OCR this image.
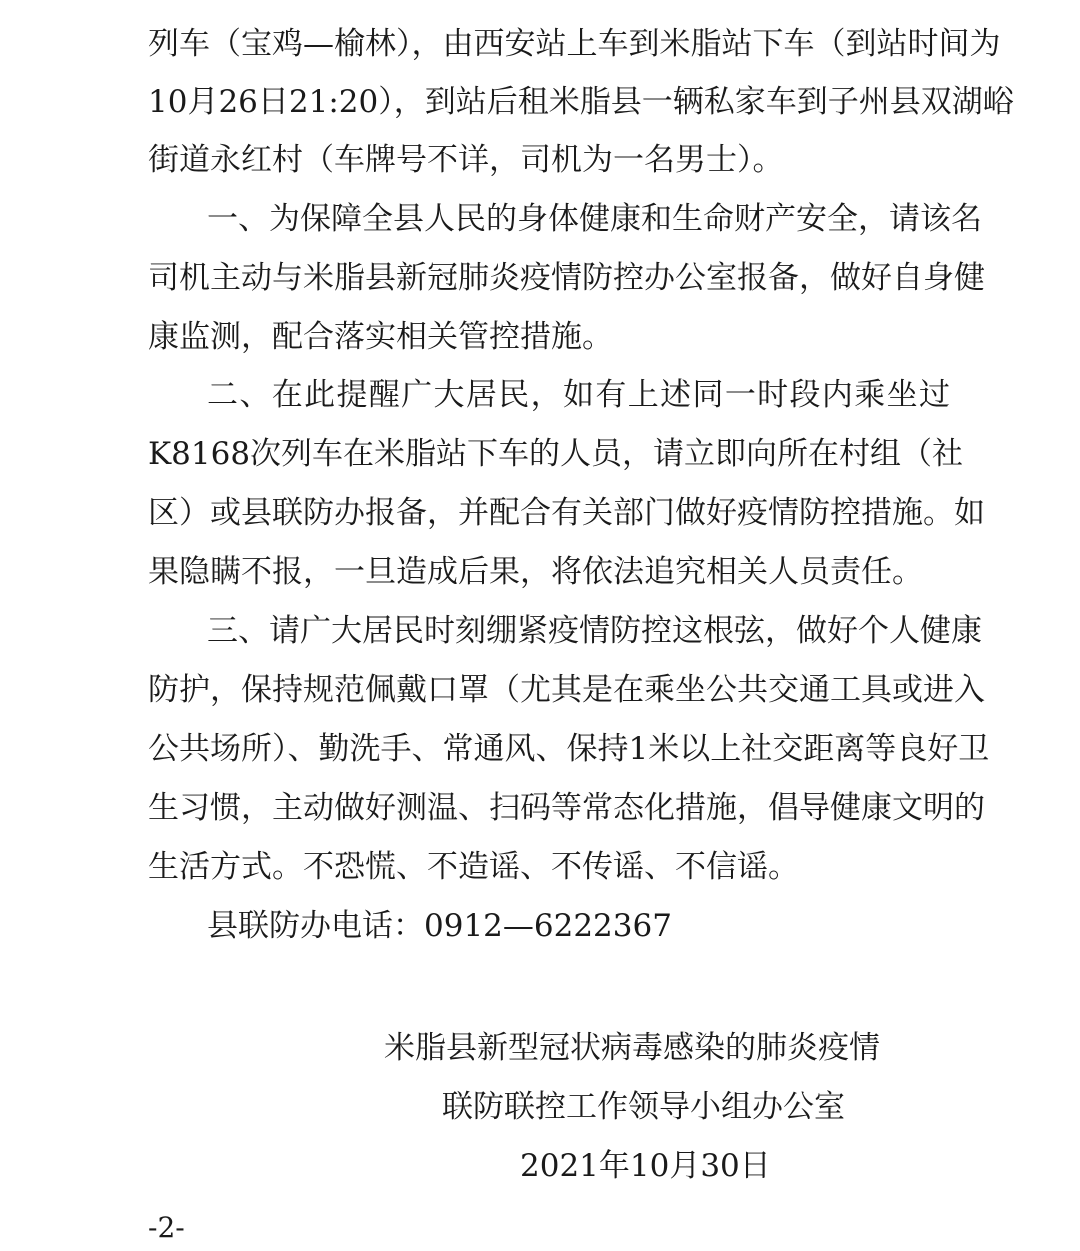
列车（宝鸡—榆林），由西安站上车到米脂站下车（到站时间为
10月26日21:20），到站后租米脂县一辆私家车到子州县双湖峪
街道永红村（车牌号不详，司机为一名男士）。
一、为保障全县人民的身体健康和生命财产安全，请该名
司机主动与米脂县新冠肺炎疫情防控办公室报备，做好自身健
康监测，配合落实相关管控措施。
二、在此提醒广大居民，如有上述同一时段内乘坐过
K8168次列车在米脂站下车的人员，请立即向所在村组（社
区）或县联防办报备，并配合有关部门做好疫情防控措施。如
果隐瞒不报，一旦造成后果，将依法追究相关人员责任。
三、请广大居民时刻绷紧疫情防控这根弦，做好个人健康
防护，保持规范佩戴口罩（尤其是在乘坐公共交通工具或进入
公共场所）、勤洗手、常通风、保持1米以上社交距离等良好卫
生习惯，主动做好测温、扫码等常态化措施，倡导健康文明的
生活方式。不恐慌、不造谣、不传谣、不信谣。
县联防办电话：0912—6222367
米脂县新型冠状病毒感染的肺炎疫情
联防联控工作领导小组办公室
2021年10月30日
-2-
